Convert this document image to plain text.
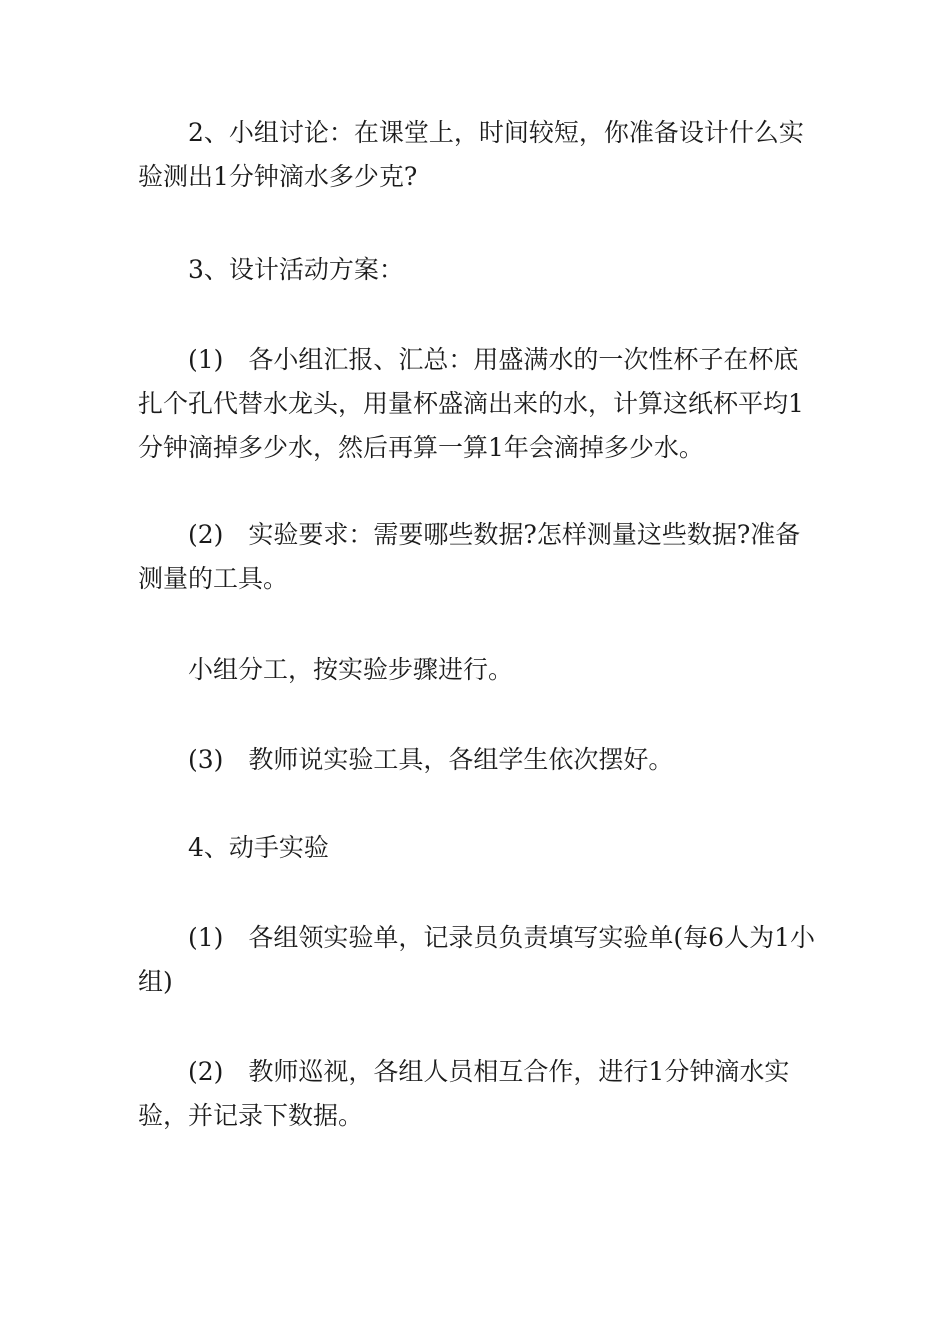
2、小组讨论：在课堂上，时间较短，你准备设计什么实验测出1分钟滴水多少克?

3、设计活动方案：

(1)　各小组汇报、汇总：用盛满水的一次性杯子在杯底扎个孔代替水龙头，用量杯盛滴出来的水，计算这纸杯平均1分钟滴掉多少水，然后再算一算1年会滴掉多少水。

(2)　实验要求：需要哪些数据?怎样测量这些数据?准备测量的工具。

小组分工，按实验步骤进行。

(3)　教师说实验工具，各组学生依次摆好。

4、动手实验

(1)　各组领实验单，记录员负责填写实验单(每6人为1小组)

(2)　教师巡视，各组人员相互合作，进行1分钟滴水实验，并记录下数据。
